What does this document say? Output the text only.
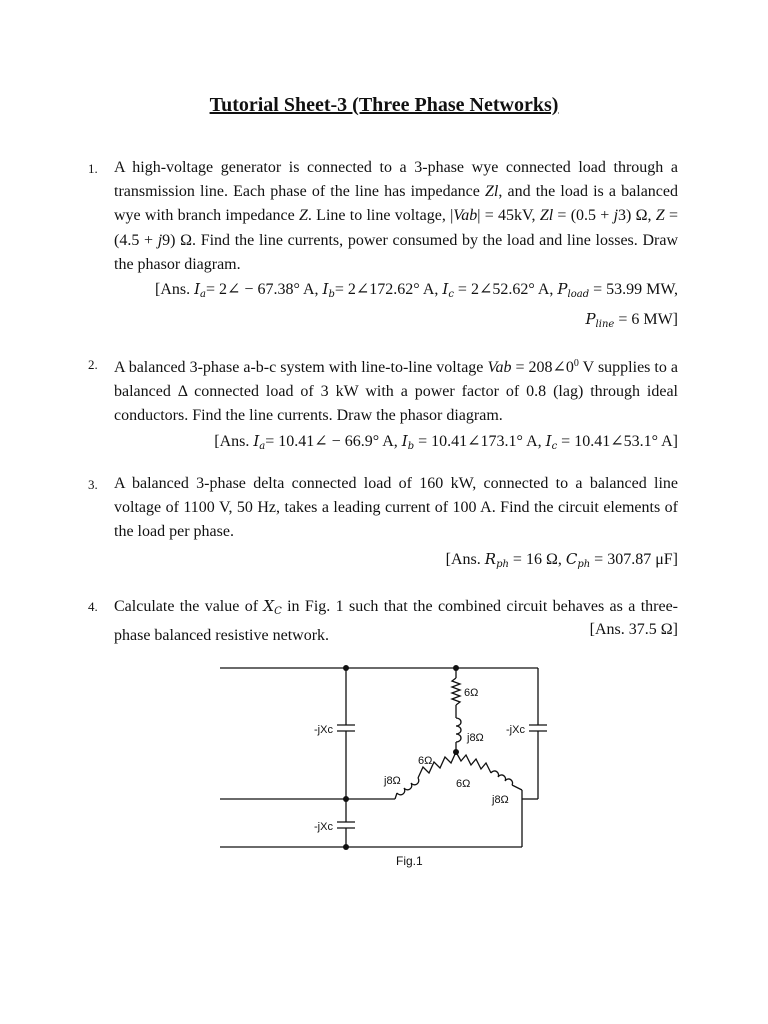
Tutorial Sheet-3 (Three Phase Networks)
1. A high-voltage generator is connected to a 3-phase wye connected load through a transmission line. Each phase of the line has impedance Zl, and the load is a balanced wye with branch impedance Z. Line to line voltage, |Vab| = 45kV, Zl = (0.5 + j3) Ω, Z = (4.5 + j9) Ω. Find the line currents, power consumed by the load and line losses. Draw the phasor diagram.
[Ans. $I_a=$ 2∠ − 67.38° A, $I_b=$ 2∠172.62° A, $I_c$ = 2∠52.62° A, $P_{load} = 53.99$ MW,
$P_{line} = 6$ MW]
2. A balanced 3-phase a-b-c system with line-to-line voltage Vab = $208\angle 0^0$ V supplies to a balanced Δ connected load of 3 kW with a power factor of 0.8 (lag) through ideal conductors. Find the line currents. Draw the phasor diagram.
[Ans. $I_a=$ 10.41∠ − 66.9° A, $I_b$ = 10.41∠173.1° A, $I_c$ = 10.41∠53.1° A]
3. A balanced 3-phase delta connected load of 160 kW, connected to a balanced line voltage of 1100 V, 50 Hz, takes a leading current of 100 A. Find the circuit elements of the load per phase.
[Ans. $R_{ph} = 16$ Ω, $C_{ph} = 307.87$ μF]
4. Calculate the value of $X_C$ in Fig. 1 such that the combined circuit behaves as a three-phase balanced resistive network.	[Ans. 37.5 Ω]
-jXc	-jXc
-jXc
6Ω
j8Ω
6Ω
j8Ω	6Ω
j8Ω
Fig.1
